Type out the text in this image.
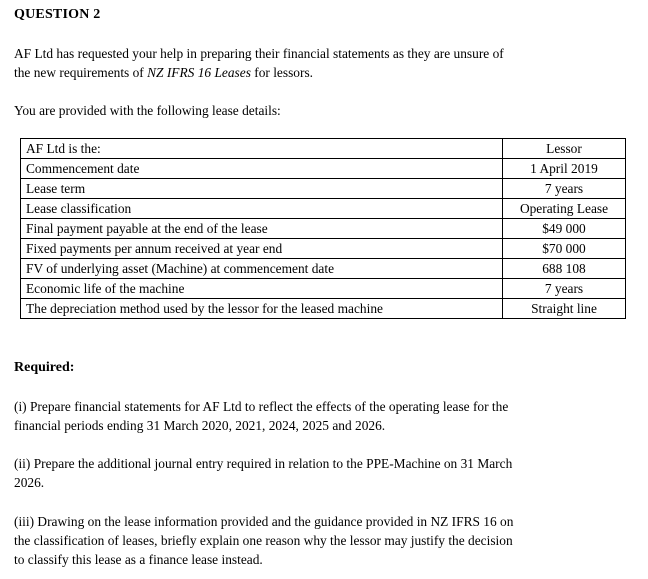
QUESTION 2
AF Ltd has requested your help in preparing their financial statements as they are unsure of
the new requirements of NZ IFRS 16 Leases for lessors.
You are provided with the following lease details:
AF Ltd is the:	Lessor
Commencement date	1 April 2019
Lease term	7 years
Lease classification	Operating Lease
Final payment payable at the end of the lease	$49 000
Fixed payments per annum received at year end	$70 000
FV of underlying asset (Machine) at commencement date	688 108
Economic life of the machine	7 years
The depreciation method used by the lessor for the leased machine	Straight line
Required:
(i) Prepare financial statements for AF Ltd to reflect the effects of the operating lease for the
financial periods ending 31 March 2020, 2021, 2024, 2025 and 2026.
(ii) Prepare the additional journal entry required in relation to the PPE-Machine on 31 March
2026.
(iii) Drawing on the lease information provided and the guidance provided in NZ IFRS 16 on
the classification of leases, briefly explain one reason why the lessor may justify the decision
to classify this lease as a finance lease instead.
